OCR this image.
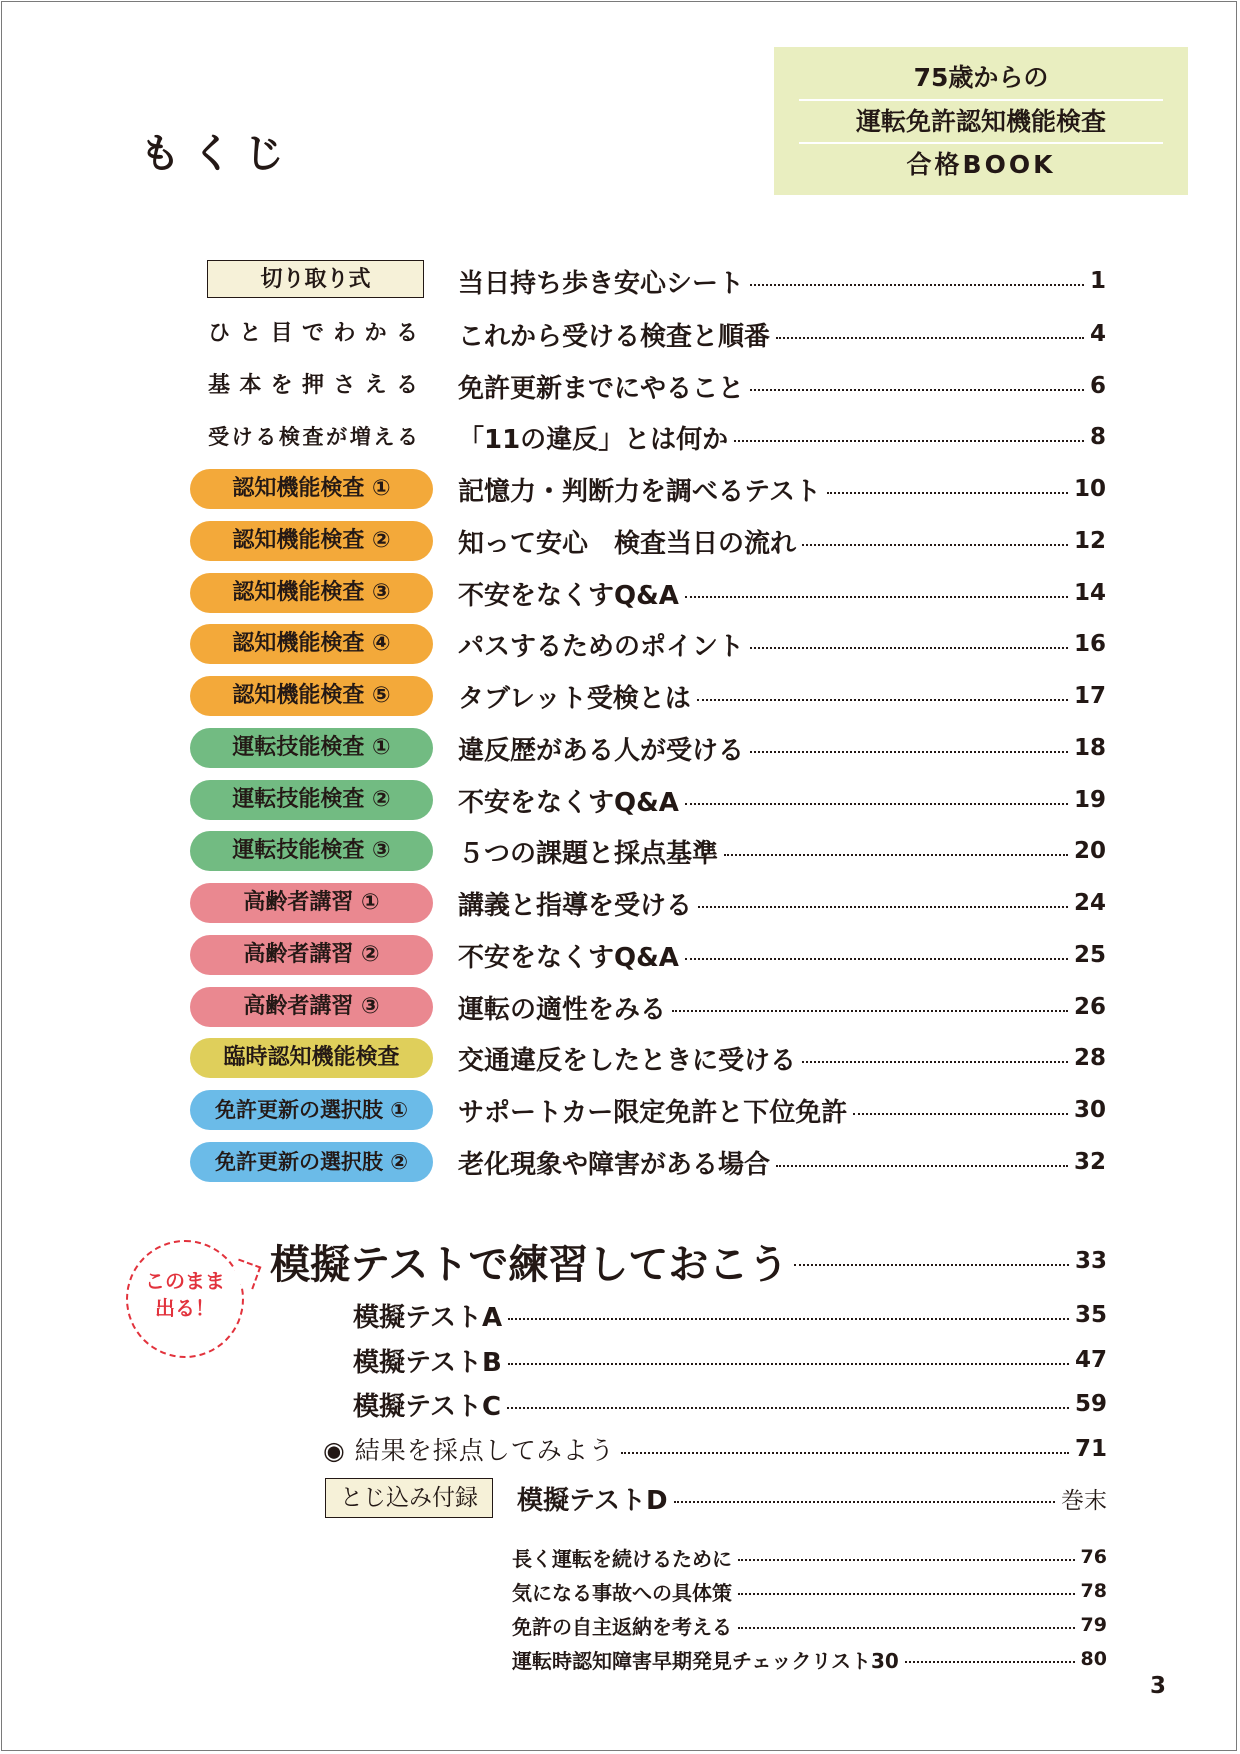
もくじ
75歳からの
運転免許認知機能検査
合格BOOK
切り取り式	当日持ち歩き安心シート	1
ひと目でわかる これから受ける検査と順番	4
基本を押さえる 免許更新までにやること	6
受ける検査が増える 「11の違反」とは何か	8
認知機能検査 ①	記憶力・判断力を調べるテスト	10
認知機能検査 ②	知って安心　検査当日の流れ	12
認知機能検査 ③	不安をなくすQ&A	14
認知機能検査 ④	パスするためのポイント	16
認知機能検査 ⑤	タブレット受検とは	17
運転技能検査 ①	違反歴がある人が受ける	18
運転技能検査 ②	不安をなくすQ&A	19
運転技能検査 ③	５つの課題と採点基準	20
高齢者講習 ①	講義と指導を受ける	24
高齢者講習 ②	不安をなくすQ&A	25
高齢者講習 ③	運転の適性をみる	26
臨時認知機能検査	交通違反をしたときに受ける	28
免許更新の選択肢 ①	サポートカー限定免許と下位免許	30
免許更新の選択肢 ②	老化現象や障害がある場合	32
このまま
出る！
模擬テストで練習しておこう	33
模擬テストA	35
模擬テストB	47
模擬テストC	59
◉ 結果を採点してみよう	71
とじ込み付録	模擬テストD	巻末
長く運転を続けるために	76
気になる事故への具体策	78
免許の自主返納を考える	79
運転時認知障害早期発見チェックリスト30	80
3
